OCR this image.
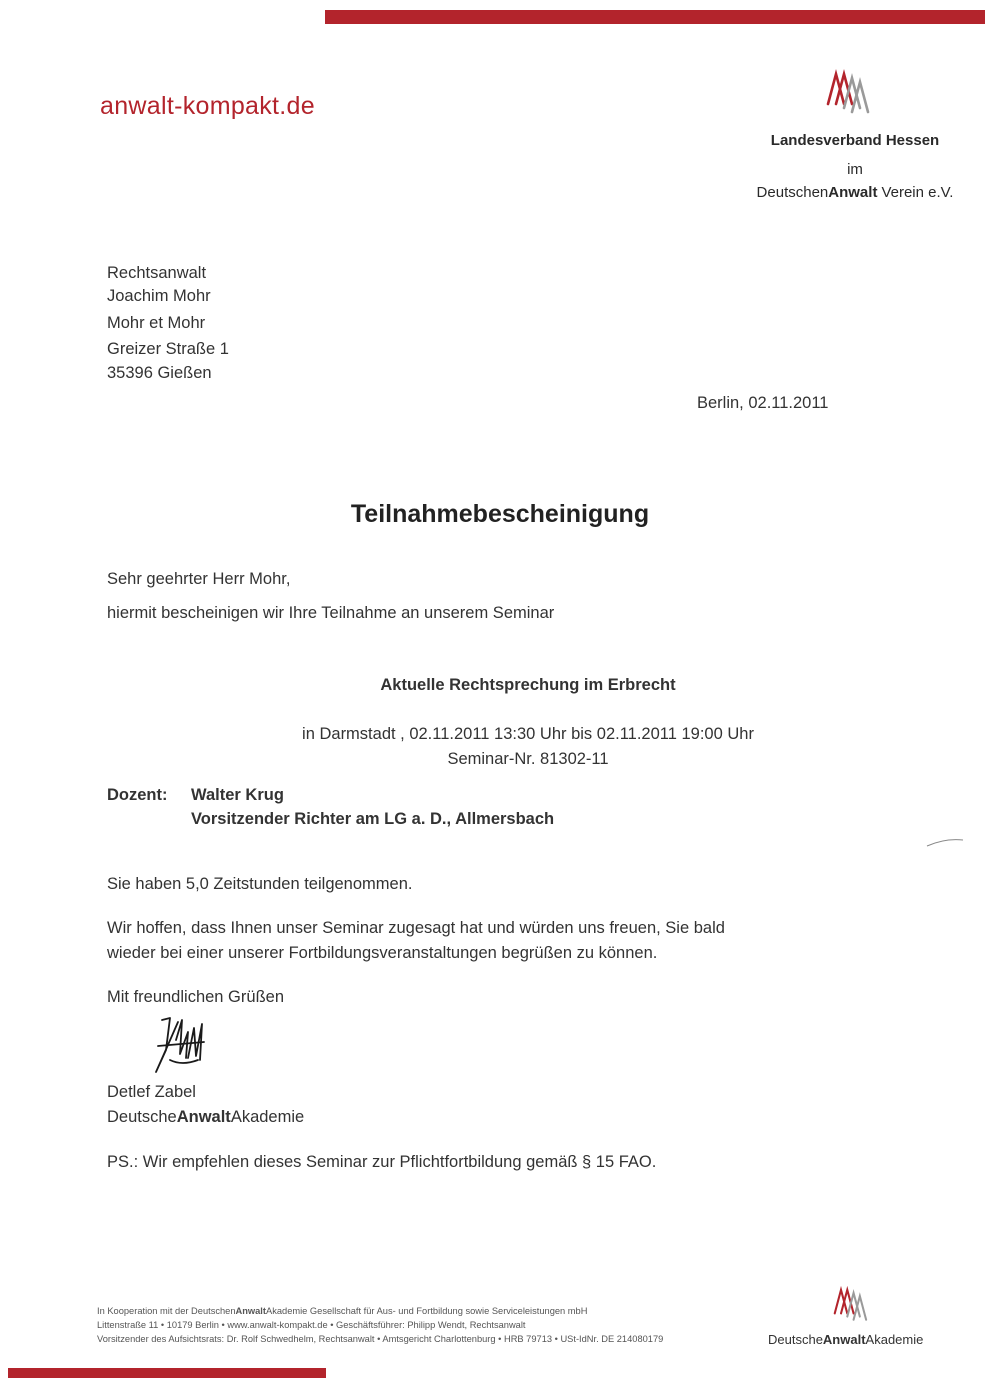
anwalt-kompakt.de
Landesverband Hessen
im
DeutschenAnwalt Verein e.V.
Rechtsanwalt
Joachim Mohr
Mohr et Mohr
Greizer Straße 1
35396 Gießen
Berlin, 02.11.2011
Teilnahmebescheinigung
Sehr geehrter Herr Mohr,
hiermit bescheinigen wir Ihre Teilnahme an unserem Seminar
Aktuelle Rechtsprechung im Erbrecht
in Darmstadt , 02.11.2011 13:30 Uhr bis 02.11.2011 19:00 Uhr
Seminar-Nr. 81302-11
Dozent: Walter Krug
Vorsitzender Richter am LG a. D., Allmersbach
Sie haben 5,0 Zeitstunden teilgenommen.
Wir hoffen, dass Ihnen unser Seminar zugesagt hat und würden uns freuen, Sie bald
wieder bei einer unserer Fortbildungsveranstaltungen begrüßen zu können.
Mit freundlichen Grüßen
Detlef Zabel
DeutscheAnwaltAkademie
PS.: Wir empfehlen dieses Seminar zur Pflichtfortbildung gemäß § 15 FAO.
In Kooperation mit der DeutschenAnwaltAkademie Gesellschaft für Aus- und Fortbildung sowie Serviceleistungen mbH
Littenstraße 11 • 10179 Berlin • www.anwalt-kompakt.de • Geschäftsführer: Philipp Wendt, Rechtsanwalt
Vorsitzender des Aufsichtsrats: Dr. Rolf Schwedhelm, Rechtsanwalt • Amtsgericht Charlottenburg • HRB 79713 • USt-IdNr. DE 214080179	DeutscheAnwaltAkademie
